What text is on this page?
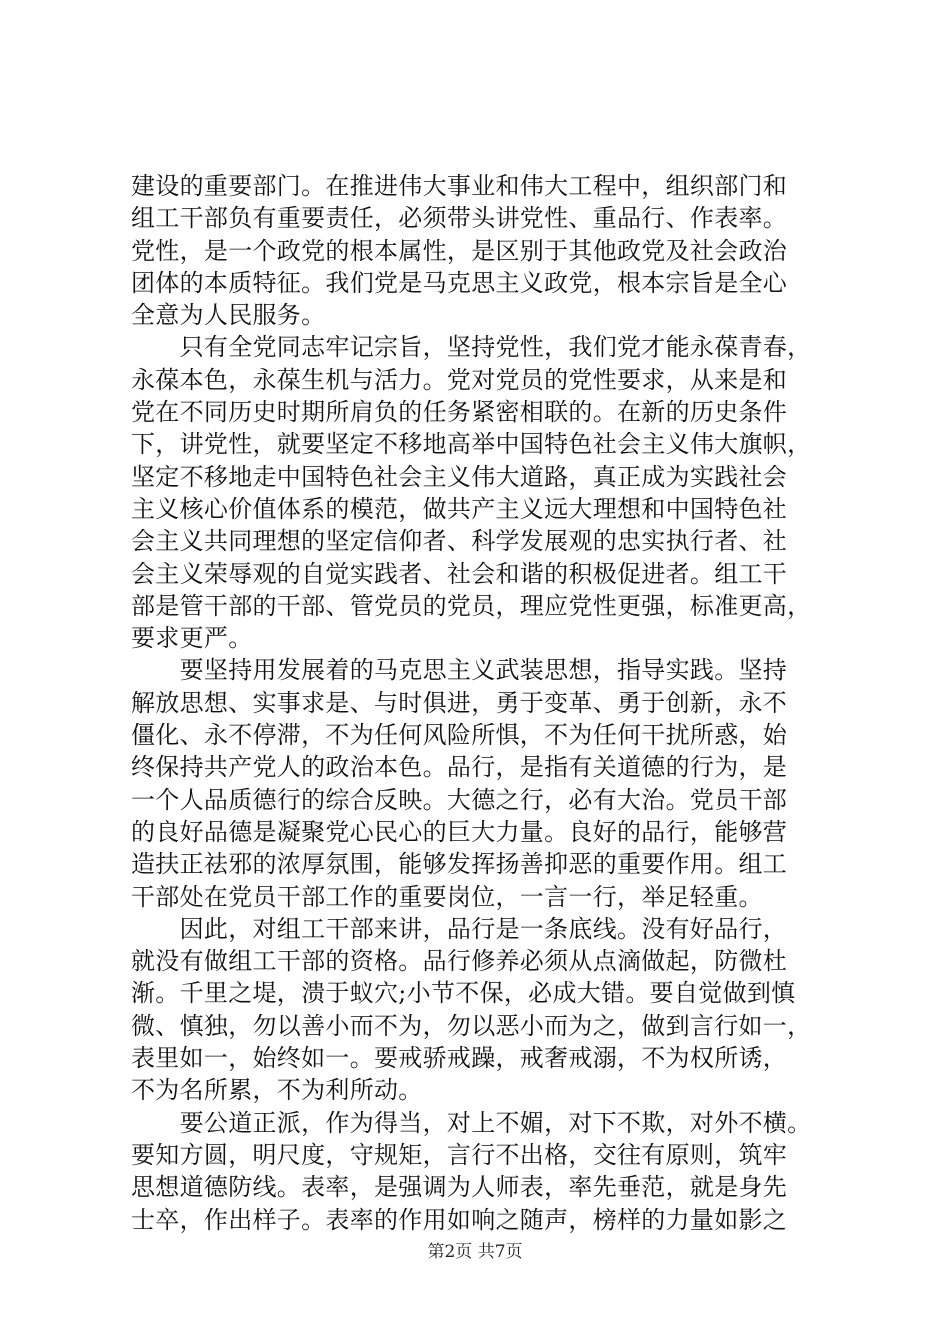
建设的重要部门。在推进伟大事业和伟大工程中，组织部门和
组工干部负有重要责任，必须带头讲党性、重品行、作表率。
党性，是一个政党的根本属性，是区别于其他政党及社会政治
团体的本质特征。我们党是马克思主义政党，根本宗旨是全心
全意为人民服务。
　　只有全党同志牢记宗旨，坚持党性，我们党才能永葆青春，
永葆本色，永葆生机与活力。党对党员的党性要求，从来是和
党在不同历史时期所肩负的任务紧密相联的。在新的历史条件
下，讲党性，就要坚定不移地高举中国特色社会主义伟大旗帜，
坚定不移地走中国特色社会主义伟大道路，真正成为实践社会
主义核心价值体系的模范，做共产主义远大理想和中国特色社
会主义共同理想的坚定信仰者、科学发展观的忠实执行者、社
会主义荣辱观的自觉实践者、社会和谐的积极促进者。组工干
部是管干部的干部、管党员的党员，理应党性更强，标准更高，
要求更严。
　　要坚持用发展着的马克思主义武装思想，指导实践。坚持
解放思想、实事求是、与时俱进，勇于变革、勇于创新，永不
僵化、永不停滞，不为任何风险所惧，不为任何干扰所惑，始
终保持共产党人的政治本色。品行，是指有关道德的行为，是
一个人品质德行的综合反映。大德之行，必有大治。党员干部
的良好品德是凝聚党心民心的巨大力量。良好的品行，能够营
造扶正祛邪的浓厚氛围，能够发挥扬善抑恶的重要作用。组工
干部处在党员干部工作的重要岗位，一言一行，举足轻重。
　　因此，对组工干部来讲，品行是一条底线。没有好品行，
就没有做组工干部的资格。品行修养必须从点滴做起，防微杜
渐。千里之堤，溃于蚁穴;小节不保，必成大错。要自觉做到慎
微、慎独，勿以善小而不为，勿以恶小而为之，做到言行如一，
表里如一，始终如一。要戒骄戒躁，戒奢戒溺，不为权所诱，
不为名所累，不为利所动。
　　要公道正派，作为得当，对上不媚，对下不欺，对外不横。
要知方圆，明尺度，守规矩，言行不出格，交往有原则，筑牢
思想道德防线。表率，是强调为人师表，率先垂范，就是身先
士卒，作出样子。表率的作用如响之随声，榜样的力量如影之
第2页 共7页
